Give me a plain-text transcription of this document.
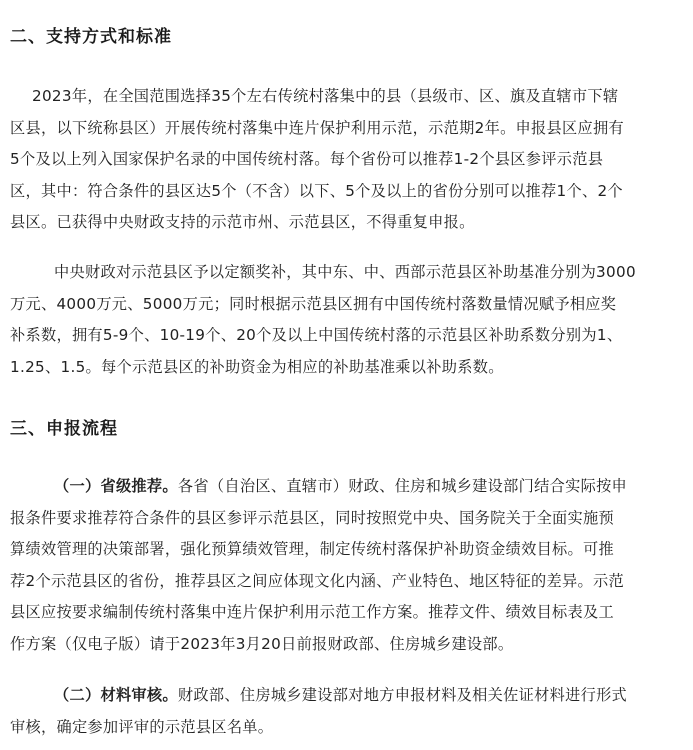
二、支持方式和标准
2023年，在全国范围选择35个左右传统村落集中的县（县级市、区、旗及直辖市下辖
区县，以下统称县区）开展传统村落集中连片保护利用示范，示范期2年。申报县区应拥有
5个及以上列入国家保护名录的中国传统村落。每个省份可以推荐1-2个县区参评示范县
区，其中：符合条件的县区达5个（不含）以下、5个及以上的省份分别可以推荐1个、2个
县区。已获得中央财政支持的示范市州、示范县区，不得重复申报。
中央财政对示范县区予以定额奖补，其中东、中、西部示范县区补助基准分别为3000
万元、4000万元、5000万元；同时根据示范县区拥有中国传统村落数量情况赋予相应奖
补系数，拥有5-9个、10-19个、20个及以上中国传统村落的示范县区补助系数分别为1、
1.25、1.5。每个示范县区的补助资金为相应的补助基准乘以补助系数。
三、申报流程
（一）省级推荐。各省（自治区、直辖市）财政、住房和城乡建设部门结合实际按申
报条件要求推荐符合条件的县区参评示范县区，同时按照党中央、国务院关于全面实施预
算绩效管理的决策部署，强化预算绩效管理，制定传统村落保护补助资金绩效目标。可推
荐2个示范县区的省份，推荐县区之间应体现文化内涵、产业特色、地区特征的差异。示范
县区应按要求编制传统村落集中连片保护利用示范工作方案。推荐文件、绩效目标表及工
作方案（仅电子版）请于2023年3月20日前报财政部、住房城乡建设部。
（二）材料审核。财政部、住房城乡建设部对地方申报材料及相关佐证材料进行形式
审核，确定参加评审的示范县区名单。
